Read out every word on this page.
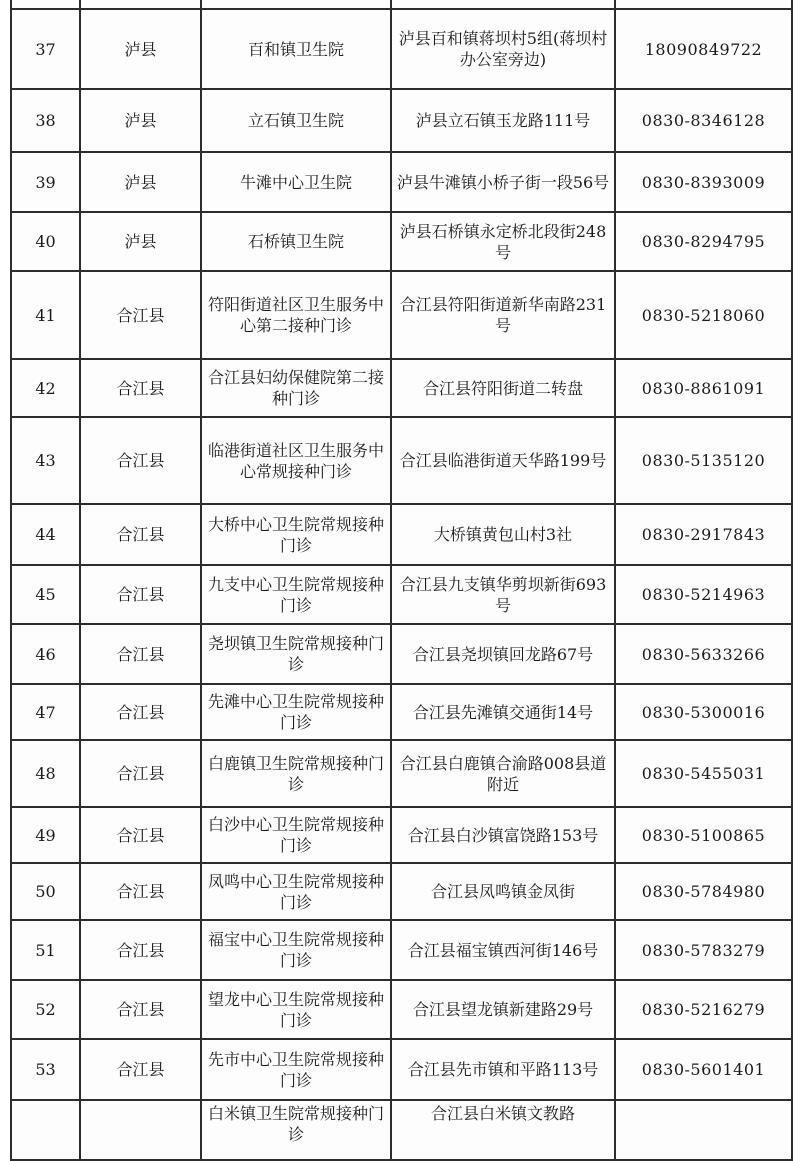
37	泸县	百和镇卫生院	泸县百和镇蒋坝村5组(蒋坝村办公室旁边)	18090849722
38	泸县	立石镇卫生院	泸县立石镇玉龙路111号	0830-8346128
39	泸县	牛滩中心卫生院	泸县牛滩镇小桥子街一段56号	0830-8393009
40	泸县	石桥镇卫生院	泸县石桥镇永定桥北段街248号	0830-8294795
41	合江县	符阳街道社区卫生服务中心第二接种门诊	合江县符阳街道新华南路231号	0830-5218060
42	合江县	合江县妇幼保健院第二接种门诊	合江县符阳街道二转盘	0830-8861091
43	合江县	临港街道社区卫生服务中心常规接种门诊	合江县临港街道天华路199号	0830-5135120
44	合江县	大桥中心卫生院常规接种门诊	大桥镇黄包山村3社	0830-2917843
45	合江县	九支中心卫生院常规接种门诊	合江县九支镇华剪坝新街693号	0830-5214963
46	合江县	尧坝镇卫生院常规接种门诊	合江县尧坝镇回龙路67号	0830-5633266
47	合江县	先滩中心卫生院常规接种门诊	合江县先滩镇交通街14号	0830-5300016
48	合江县	白鹿镇卫生院常规接种门诊	合江县白鹿镇合渝路008县道附近	0830-5455031
49	合江县	白沙中心卫生院常规接种门诊	合江县白沙镇富饶路153号	0830-5100865
50	合江县	凤鸣中心卫生院常规接种门诊	合江县凤鸣镇金凤街	0830-5784980
51	合江县	福宝中心卫生院常规接种门诊	合江县福宝镇西河街146号	0830-5783279
52	合江县	望龙中心卫生院常规接种门诊	合江县望龙镇新建路29号	0830-5216279
53	合江县	先市中心卫生院常规接种门诊	合江县先市镇和平路113号	0830-5601401
		白米镇卫生院常规接种门诊	合江县白米镇文教路	
